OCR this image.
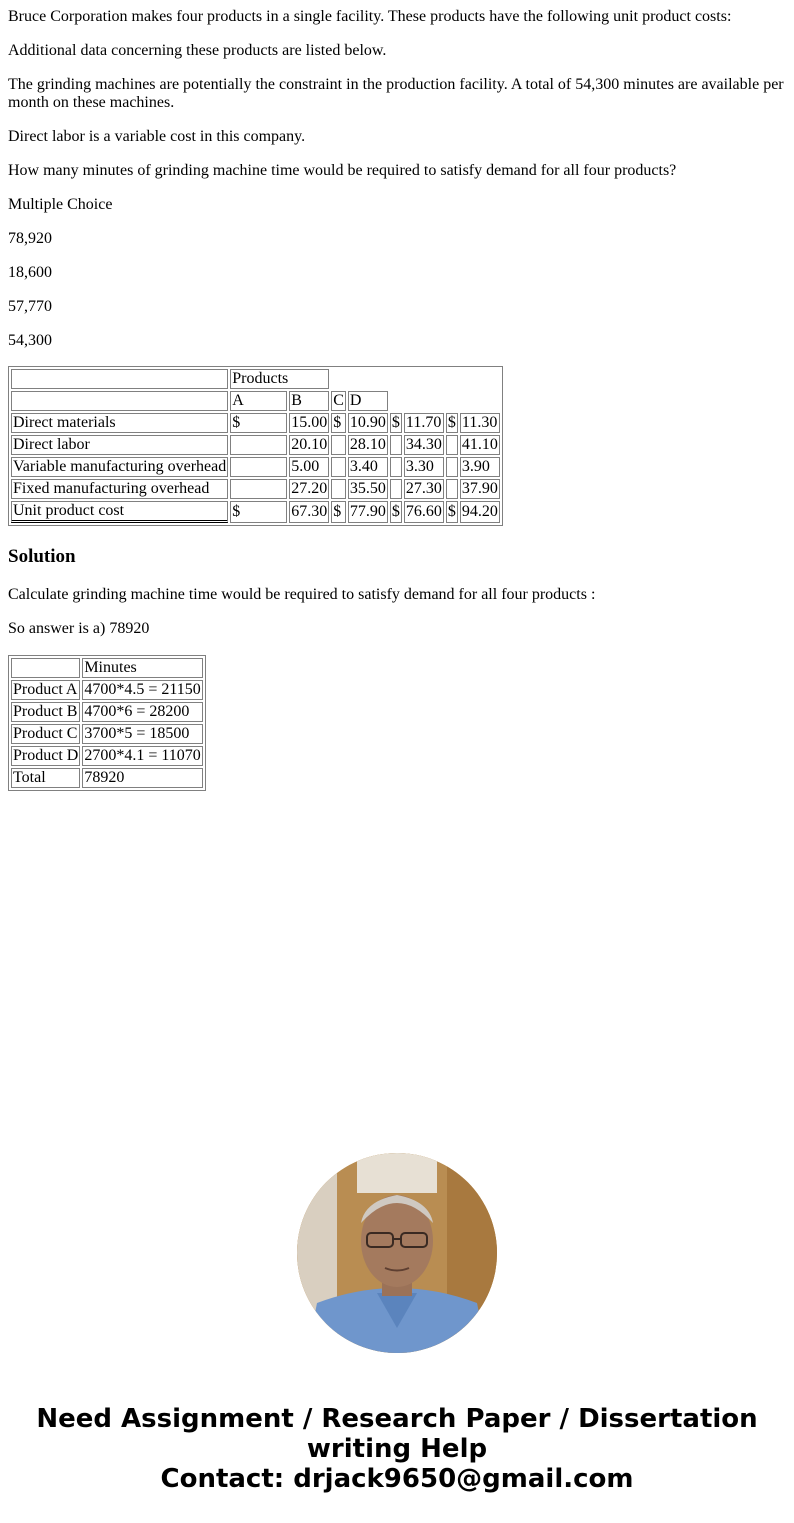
Bruce Corporation makes four products in a single facility. These products have the following unit product costs:

Additional data concerning these products are listed below.

The grinding machines are potentially the constraint in the production facility. A total of 54,300 minutes are available per month on these machines.

Direct labor is a variable cost in this company.

How many minutes of grinding machine time would be required to satisfy demand for all four products?

Multiple Choice

78,920

18,600

57,770

54,300

	Products							
	A	B	C	D				
Direct materials	$	15.00	$	10.90	$	11.70	$	11.30
Direct labor		20.10		28.10		34.30		41.10
Variable manufacturing overhead		5.00		3.40		3.30		3.90
Fixed manufacturing overhead		27.20		35.50		27.30		37.90
Unit product cost	$	67.30	$	77.90	$	76.60	$	94.20
Solution

Calculate grinding machine time would be required to satisfy demand for all four products :

So answer is a) 78920

	Minutes
Product A	4700*4.5 = 21150
Product B	4700*6 = 28200
Product C	3700*5 = 18500
Product D	2700*4.1 = 11070
Total	78920
Need Assignment / Research Paper / Dissertation
writing Help
Contact: drjack9650@gmail.com
